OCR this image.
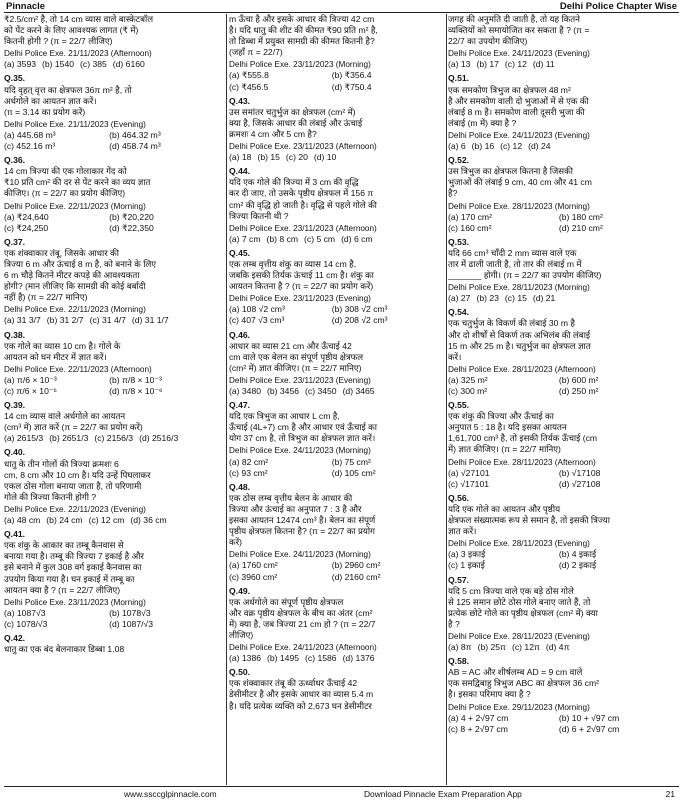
Pinnacle	Delhi Police Chapter Wise
₹2.5/cm² है, तो 14 cm व्यास वाले बास्केटबॉल
को पेंट करने के लिए आवश्यक लागत (₹ में)
कितनी होगी ? (π = 22/7 लीजिए)
Delhi Police Exe. 21/11/2023 (Afternoon)
(a) 3593 (b) 1540 (c) 385 (d) 6160
Q.35.
यदि वृहत् वृत्त का क्षेत्रफल 36π m² है, तो
अर्धगोले का आयतन ज्ञात करें।
(π = 3.14 का प्रयोग करें)
Delhi Police Exe. 21/11/2023 (Evening)
(a) 445.68 m³	(b) 464.32 m³
(c) 452.16 m³	(d) 458.74 m³
Q.36.
14 cm त्रिज्या की एक गोलाकार गेंद को
₹10 प्रति cm² की दर से पेंट करने का व्यय ज्ञात
कीजिए। (π = 22/7 का प्रयोग कीजिए)
Delhi Police Exe. 22/11/2023 (Morning)
(a) ₹24,640	(b) ₹20,220
(c) ₹24,250	(d) ₹22,350
Q.37.
एक शंक्वाकार तंबू, जिसके आधार की
त्रिज्या 6 m और ऊंचाई 8 m है, को बनाने के लिए
6 m चौड़े कितने मीटर कपड़े की आवश्यकता
होगी? (मान लीजिए कि सामग्री की कोई बर्बादी
नहीं है) (π = 22/7 मानिए)
Delhi Police Exe. 22/11/2023 (Morning)
(a) 31 3/7 (b) 31 2/7 (c) 31 4/7 (d) 31 1/7
Q.38.
एक गोले का व्यास 10 cm है। गोले के
आयतन को घन मीटर में ज्ञात करें।
Delhi Police Exe. 22/11/2023 (Afternoon)
(a) π/6 × 10⁻³	(b) π/8 × 10⁻³
(c) π/6 × 10⁻⁶	(d) π/8 × 10⁻⁶
Q.39.
14 cm व्यास वाले अर्धगोले का आयतन
(cm³ में) ज्ञात करें (π = 22/7 का प्रयोग करें)
(a) 2615/3 (b) 2651/3 (c) 2156/3 (d) 2516/3
Q.40.
धातु के तीन गोलों की त्रिज्या क्रमशः 6
cm, 8 cm और 10 cm है। यदि उन्हें पिघलाकर
एकल ठोस गोला बनाया जाता है, तो परिणामी
गोले की त्रिज्या कितनी होगी ?
Delhi Police Exe. 22/11/2023 (Evening)
(a) 48 cm (b) 24 cm (c) 12 cm (d) 36 cm
Q.41.
एक शंकु के आकार का तम्बू कैनवास से
बनाया गया है। तम्बू की त्रिज्या 7 इकाई है और
इसे बनाने में कुल 308 वर्ग इकाई कैनवास का
उपयोग किया गया है। घन इकाई में तम्बू का
आयतन क्या है ? (π = 22/7 लीजिए)
Delhi Police Exe. 23/11/2023 (Morning)
(a) 1087√3	(b) 1078√3
(c) 1078/√3	(d) 1087/√3
Q.42.
धातु का एक बंद बेलनाकार डिब्बा 1.08
m ऊँचा है और इसके आधार की त्रिज्या 42 cm
है। यदि धातु की शीट की कीमत ₹90 प्रति m² है,
तो डिब्बा में प्रयुक्त सामग्री की कीमत कितनी है?
(जहाँ π = 22/7)
Delhi Police Exe. 23/11/2023 (Morning)
(a) ₹555.8	(b) ₹356.4
(c) ₹456.5	(d) ₹750.4
Q.43.
उस समांतर चतुर्भुज का क्षेत्रफल (cm² में)
क्या है, जिसके आधार की लंबाई और ऊंचाई
क्रमशः 4 cm और 5 cm है?
Delhi Police Exe. 23/11/2023 (Afternoon)
(a) 18 (b) 15 (c) 20 (d) 10
Q.44.
यदि एक गोले की त्रिज्या में 3 cm की वृद्धि
कर दी जाए, तो उसके पृष्ठीय क्षेत्रफल में 156 π
cm² की वृद्धि हो जाती है। वृद्धि से पहले गोले की
त्रिज्या कितनी थी ?
Delhi Police Exe. 23/11/2023 (Afternoon)
(a) 7 cm (b) 8 cm (c) 5 cm (d) 6 cm
Q.45.
एक लम्ब वृत्तीय शंकु का व्यास 14 cm है,
जबकि इसकी तिर्यक ऊंचाई 11 cm है। शंकु का
आयतन कितना है ? (π = 22/7 का प्रयोग करें)
Delhi Police Exe. 23/11/2023 (Evening)
(a) 108 √2 cm³	(b) 308 √2 cm³
(c) 407 √3 cm³	(d) 208 √2 cm³
Q.46.
आधार का व्यास 21 cm और ऊँचाई 42
cm वाले एक बेलन का संपूर्ण पृष्ठीय क्षेत्रफल
(cm² में) ज्ञात कीजिए। (π = 22/7 मानिए)
Delhi Police Exe. 23/11/2023 (Evening)
(a) 3480 (b) 3456 (c) 3450 (d) 3465
Q.47.
यदि एक त्रिभुज का आधार L cm है,
ऊँचाई (4L+7) cm है और आधार एवं ऊँचाई का
योग 37 cm है, तो त्रिभुज का क्षेत्रफल ज्ञात करें।
Delhi Police Exe. 24/11/2023 (Morning)
(a) 82 cm²	(b) 75 cm²
(c) 93 cm²	(d) 105 cm²
Q.48.
एक ठोस लम्ब वृत्तीय बेलन के आधार की
त्रिज्या और ऊंचाई का अनुपात 7 : 3 है और
इसका आयतन 12474 cm³ है। बेलन का संपूर्ण
पृष्ठीय क्षेत्रफल कितना है? (π = 22/7 का प्रयोग
करें)
Delhi Police Exe. 24/11/2023 (Morning)
(a) 1760 cm²	(b) 2960 cm²
(c) 3960 cm²	(d) 2160 cm²
Q.49.
एक अर्धगोले का संपूर्ण पृष्ठीय क्षेत्रफल
और वक्र पृष्ठीय क्षेत्रफल के बीच का अंतर (cm²
में) क्या है, जब त्रिज्या 21 cm हो ? (π = 22/7
लीजिए)
Delhi Police Exe. 24/11/2023 (Afternoon)
(a) 1386 (b) 1495 (c) 1586 (d) 1376
Q.50.
एक शंक्वाकार तंबू की ऊर्ध्वाधर ऊँचाई 42
डेसीमीटर है और इसके आधार का व्यास 5.4 m
है। यदि प्रत्येक व्यक्ति को 2,673 घन डेसीमीटर
जगह की अनुमति दी जाती है, तो यह कितने
व्यक्तियों को समायोजित कर सकता है ? (π =
22/7 का उपयोग कीजिए)
Delhi Police Exe. 24/11/2023 (Evening)
(a) 13 (b) 17 (c) 12 (d) 11
Q.51.
एक समकोण त्रिभुज का क्षेत्रफल 48 m²
है और समकोण वाली दो भुजाओं में से एक की
लंबाई 8 m है। समकोण वाली दूसरी भुजा की
लंबाई (m में) क्या है ?
Delhi Police Exe. 24/11/2023 (Evening)
(a) 6 (b) 16 (c) 12 (d) 24
Q.52.
उस त्रिभुज का क्षेत्रफल कितना है जिसकी
भुजाओं की लंबाई 9 cm, 40 cm और 41 cm
है?
Delhi Police Exe. 28/11/2023 (Morning)
(a) 170 cm²	(b) 180 cm²
(c) 160 cm²	(d) 210 cm²
Q.53.
यदि 66 cm³ चाँदी 2 mm व्यास वाले एक
तार में ढाली जाती है, तो तार की लंबाई m में
_______ होगी। (π = 22/7 का उपयोग कीजिए)
Delhi Police Exe. 28/11/2023 (Morning)
(a) 27 (b) 23 (c) 15 (d) 21
Q.54.
एक चतुर्भुज के विकर्ण की लंबाई 30 m है
और दो शीर्षों से विकर्ण तक अभिलंब की लंबाई
15 m और 25 m है। चतुर्भुज का क्षेत्रफल ज्ञात
करें।
Delhi Police Exe. 28/11/2023 (Afternoon)
(a) 325 m²	(b) 600 m²
(c) 300 m²	(d) 250 m²
Q.55.
एक शंकु की त्रिज्या और ऊँचाई का
अनुपात 5 : 18 है। यदि इसका आयतन
1,61,700 cm³ है, तो इसकी तिर्यक ऊँचाई (cm
में) ज्ञात कीजिए। (π = 22/7 मानिए)
Delhi Police Exe. 28/11/2023 (Afternoon)
(a) √27101	(b) √17108
(c) √17101	(d) √27108
Q.56.
यदि एक गोले का आयतन और पृष्ठीय
क्षेत्रफल संख्यात्मक रूप से समान है, तो इसकी त्रिज्या
ज्ञात करें।
Delhi Police Exe. 28/11/2023 (Evening)
(a) 3 इकाई	(b) 4 इकाई
(c) 1 इकाई	(d) 2 इकाई
Q.57.
यदि 5 cm त्रिज्या वाले एक बड़े ठोस गोले
से 125 समान छोटे ठोस गोले बनाए जाते हैं, तो
प्रत्येक छोटे गोले का पृष्ठीय क्षेत्रफल (cm² में) क्या
है ?
Delhi Police Exe. 28/11/2023 (Evening)
(a) 8π (b) 25π (c) 12π (d) 4π
Q.58.
AB = AC और शीर्षलम्ब AD = 9 cm वाले
एक समद्विबाहु त्रिभुज ABC का क्षेत्रफल 36 cm²
है। इसका परिमाप क्या है ?
Delhi Police Exe. 29/11/2023 (Morning)
(a) 4 + 2√97 cm	(b) 10 + √97 cm
(c) 8 + 2√97 cm	(d) 6 + 2√97 cm
www.ssccglpinnacle.com	Download Pinnacle Exam Preparation App	21
